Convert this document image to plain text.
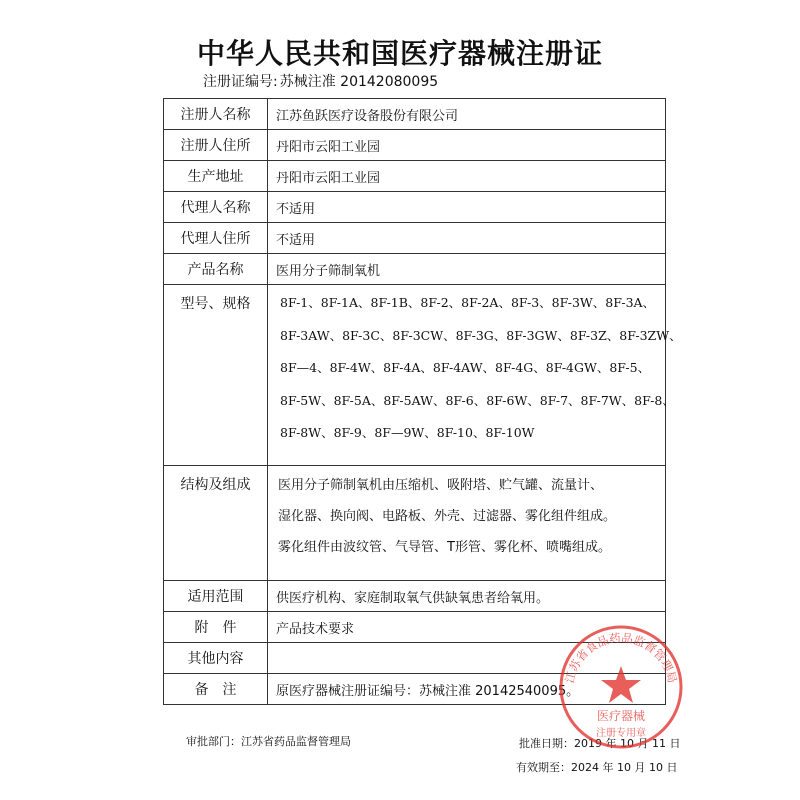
中华人民共和国医疗器械注册证
注册证编号: 苏械注准 20142080095
注册人名称	江苏鱼跃医疗设备股份有限公司
注册人住所	丹阳市云阳工业园
生产地址	丹阳市云阳工业园
代理人名称	不适用
代理人住所	不适用
产品名称	医用分子筛制氧机
型号、规格	8F-1、8F-1A、8F-1B、8F-2、8F-2A、8F-3、8F-3W、8F-3A、
8F-3AW、8F-3C、8F-3CW、8F-3G、8F-3GW、8F-3Z、8F-3ZW、
8F—4、8F-4W、8F-4A、8F-4AW、8F-4G、8F-4GW、8F-5、
8F-5W、8F-5A、8F-5AW、8F-6、8F-6W、8F-7、8F-7W、8F-8、
8F-8W、8F-9、8F—9W、8F-10、8F-10W

结构及组成	医用分子筛制氧机由压缩机、吸附塔、贮气罐、流量计、
湿化器、换向阀、电路板、外壳、过滤器、雾化组件组成。
雾化组件由波纹管、气导管、T形管、雾化杯、喷嘴组成。

适用范围	供医疗机构、家庭制取氧气供缺氧患者给氧用。
附　件	产品技术要求
其他内容	
备　注	原医疗器械注册证编号：苏械注准 20142540095。
审批部门：江苏省药品监督管理局	批准日期：2019 年 10 月 11 日
有效期至：2024 年 10 月 10 日
江苏省食品药品监督管理局
医疗器械
注册专用章
